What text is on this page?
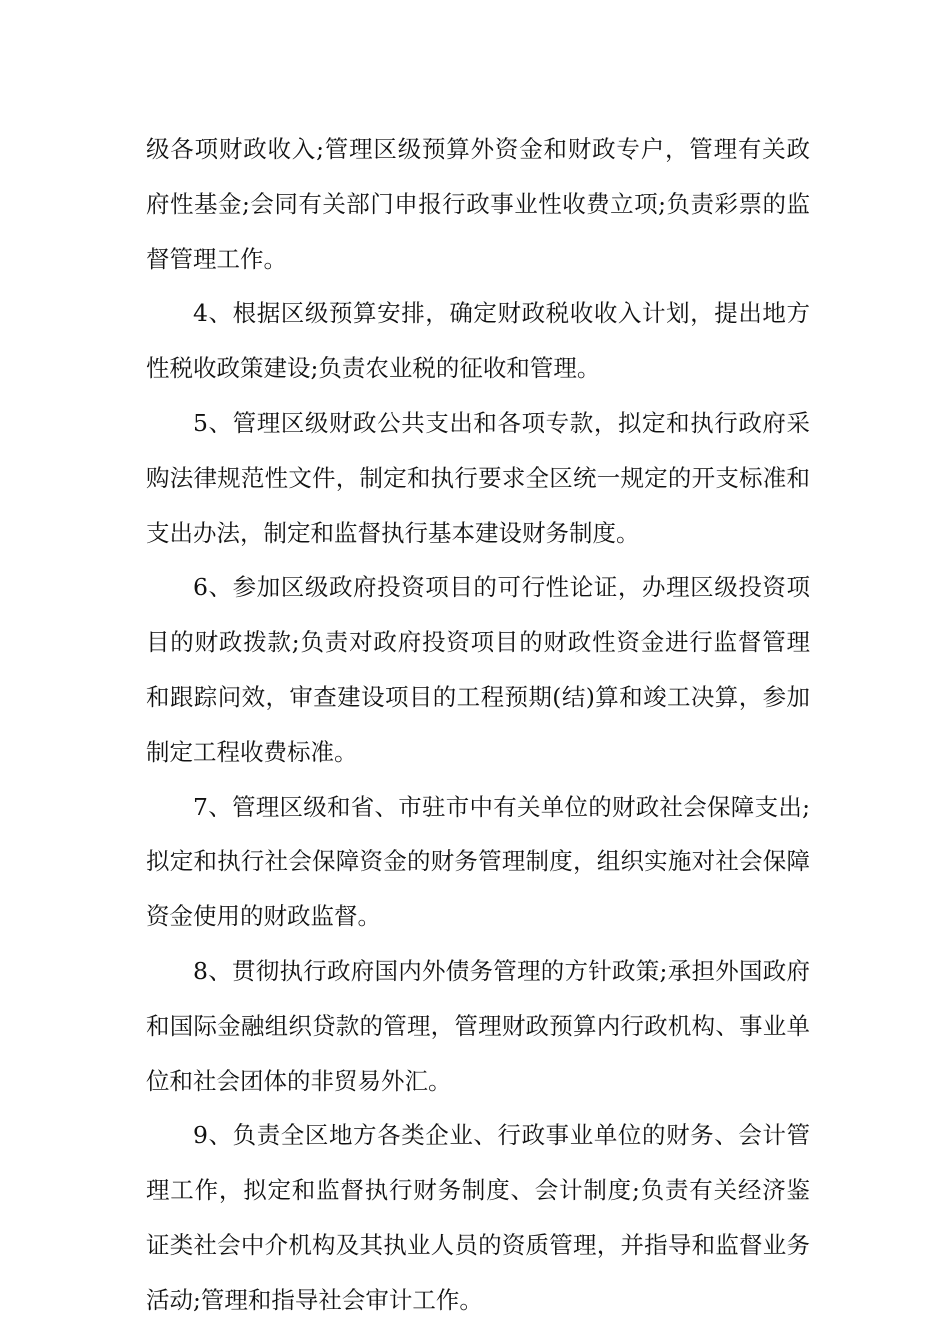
级各项财政收入;管理区级预算外资金和财政专户，管理有关政府性基金;会同有关部门申报行政事业性收费立项;负责彩票的监督管理工作。

4、根据区级预算安排，确定财政税收收入计划，提出地方性税收政策建设;负责农业税的征收和管理。

5、管理区级财政公共支出和各项专款，拟定和执行政府采购法律规范性文件，制定和执行要求全区统一规定的开支标准和支出办法，制定和监督执行基本建设财务制度。

6、参加区级政府投资项目的可行性论证，办理区级投资项目的财政拨款;负责对政府投资项目的财政性资金进行监督管理和跟踪问效，审查建设项目的工程预期(结)算和竣工决算，参加制定工程收费标准。

7、管理区级和省、市驻市中有关单位的财政社会保障支出;拟定和执行社会保障资金的财务管理制度，组织实施对社会保障资金使用的财政监督。

8、贯彻执行政府国内外债务管理的方针政策;承担外国政府和国际金融组织贷款的管理，管理财政预算内行政机构、事业单位和社会团体的非贸易外汇。

9、负责全区地方各类企业、行政事业单位的财务、会计管理工作，拟定和监督执行财务制度、会计制度;负责有关经济鉴证类社会中介机构及其执业人员的资质管理，并指导和监督业务活动;管理和指导社会审计工作。
